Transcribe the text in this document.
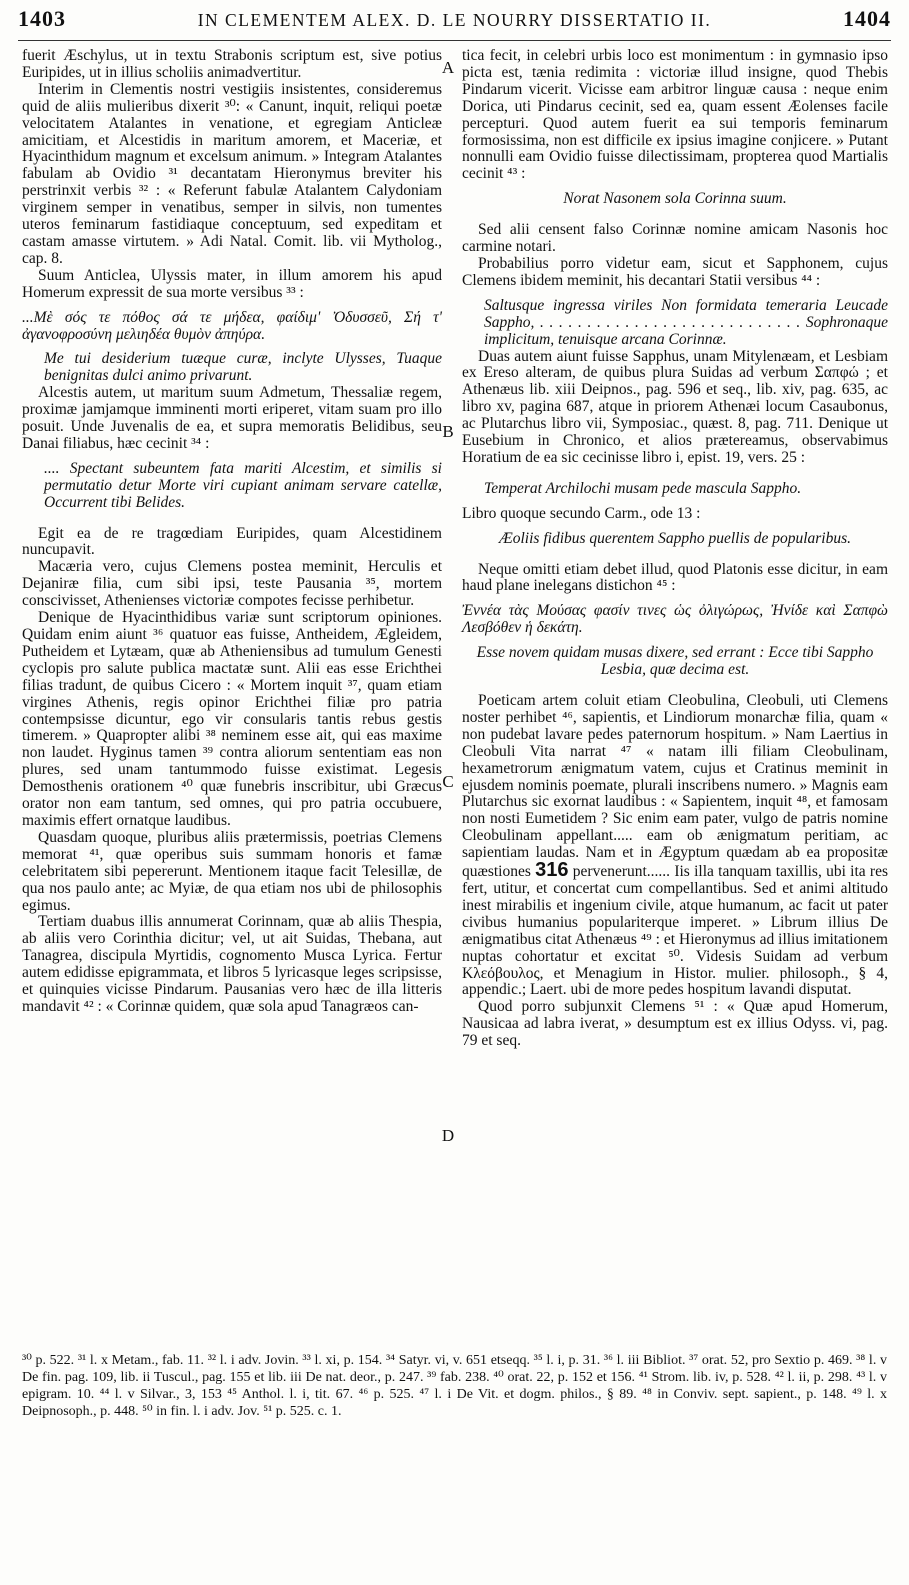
1403	IN CLEMENTEM ALEX. D. LE NOURRY DISSERTATIO II.	1404
A
B
C
D

fuerit Æschylus, ut in textu Strabonis scriptum est, sive potius Euripides, ut in illius scholiis animadvertitur.

Interim in Clementis nostri vestigiis insistentes, consideremus quid de aliis mulieribus dixerit ³⁰: « Canunt, inquit, reliqui poetæ velocitatem Atalantes in venatione, et egregiam Anticleæ amicitiam, et Alcestidis in maritum amorem, et Maceriæ, et Hyacinthidum magnum et excelsum animum. » Integram Atalantes fabulam ab Ovidio ³¹ decantatam Hieronymus breviter his perstrinxit verbis ³² : « Referunt fabulæ Atalantem Calydoniam virginem semper in venatibus, semper in silvis, non tumentes uteros feminarum fastidiaque conceptuum, sed expeditam et castam amasse virtutem. » Adi Natal. Comit. lib. vii Mytholog., cap. 8.

Suum Anticlea, Ulyssis mater, in illum amorem his apud Homerum expressit de sua morte versibus ³³ :

...Μὲ σός τε πόθος σά τε μήδεα, φαίδιμ' Ὀδυσσεῦ, Σή τ' ἀγανοφροσύνη μελιηδέα θυμὸν ἀπηύρα.

Me tui desiderium tuæque curæ, inclyte Ulysses, Tuaque benignitas dulci animo privarunt.

Alcestis autem, ut maritum suum Admetum, Thessaliæ regem, proximæ jamjamque imminenti morti eriperet, vitam suam pro illo posuit. Unde Juvenalis de ea, et supra memoratis Belidibus, seu Danai filiabus, hæc cecinit ³⁴ :

.... Spectant subeuntem fata mariti Alcestim, et similis si permutatio detur Morte viri cupiant animam servare catellæ, Occurrent tibi Belides.

Egit ea de re tragœdiam Euripides, quam Alcestidinem nuncupavit.

Macæria vero, cujus Clemens postea meminit, Herculis et Dejaniræ filia, cum sibi ipsi, teste Pausania ³⁵, mortem conscivisset, Athenienses victoriæ compotes fecisse perhibetur.

Denique de Hyacinthidibus variæ sunt scriptorum opiniones. Quidam enim aiunt ³⁶ quatuor eas fuisse, Antheidem, Ægleidem, Putheidem et Lytæam, quæ ab Atheniensibus ad tumulum Genesti cyclopis pro salute publica mactatæ sunt. Alii eas esse Erichthei filias tradunt, de quibus Cicero : « Mortem inquit ³⁷, quam etiam virgines Athenis, regis opinor Erichthei filiæ pro patria contempsisse dicuntur, ego vir consularis tantis rebus gestis timerem. » Quapropter alibi ³⁸ neminem esse ait, qui eas maxime non laudet. Hyginus tamen ³⁹ contra aliorum sententiam eas non plures, sed unam tantummodo fuisse existimat. Legesis Demosthenis orationem ⁴⁰ quæ funebris inscribitur, ubi Græcus orator non eam tantum, sed omnes, qui pro patria occubuere, maximis effert ornatque laudibus.

Quasdam quoque, pluribus aliis prætermissis, poetrias Clemens memorat ⁴¹, quæ operibus suis summam honoris et famæ celebritatem sibi pepererunt. Mentionem itaque facit Telesillæ, de qua nos paulo ante; ac Myiæ, de qua etiam nos ubi de philosophis egimus.

Tertiam duabus illis annumerat Corinnam, quæ ab aliis Thespia, ab aliis vero Corinthia dicitur; vel, ut ait Suidas, Thebana, aut Tanagrea, discipula Myrtidis, cognomento Musca Lyrica. Fertur autem edidisse epigrammata, et libros 5 lyricasque leges scripsisse, et quinquies vicisse Pindarum. Pausanias vero hæc de illa litteris mandavit ⁴² : « Corinnæ quidem, quæ sola apud Tanagræos can-

tica fecit, in celebri urbis loco est monimentum : in gymnasio ipso picta est, tænia redimita : victoriæ illud insigne, quod Thebis Pindarum vicerit. Vicisse eam arbitror linguæ causa : neque enim Dorica, uti Pindarus cecinit, sed ea, quam essent Æolenses facile percepturi. Quod autem fuerit ea sui temporis feminarum formosissima, non est difficile ex ipsius imagine conjicere. » Putant nonnulli eam Ovidio fuisse dilectissimam, propterea quod Martialis cecinit ⁴³ :

Norat Nasonem sola Corinna suum.

Sed alii censent falso Corinnæ nomine amicam Nasonis hoc carmine notari.

Probabilius porro videtur eam, sicut et Sapphonem, cujus Clemens ibidem meminit, his decantari Statii versibus ⁴⁴ :

Saltusque ingressa viriles Non formidata temeraria Leucade Sappho, . . . . . . . . . . . . . . . . . . . . . . . . . . . . Sophronaque implicitum, tenuisque arcana Corinnæ.

Duas autem aiunt fuisse Sapphus, unam Mitylenæam, et Lesbiam ex Ereso alteram, de quibus plura Suidas ad verbum Σαπφώ ; et Athenæus lib. xiii Deipnos., pag. 596 et seq., lib. xiv, pag. 635, ac libro xv, pagina 687, atque in priorem Athenæi locum Casaubonus, ac Plutarchus libro vii, Symposiac., quæst. 8, pag. 711. Denique ut Eusebium in Chronico, et alios prætereamus, observabimus Horatium de ea sic cecinisse libro i, epist. 19, vers. 25 :

Temperat Archilochi musam pede mascula Sappho.

Libro quoque secundo Carm., ode 13 :

Æoliis fidibus querentem Sappho puellis de popularibus.

Neque omitti etiam debet illud, quod Platonis esse dicitur, in eam haud plane inelegans distichon ⁴⁵ :

Ἐννέα τὰς Μούσας φασίν τινες ὡς ὀλιγώρως, Ἠνίδε καὶ Σαπφὼ Λεσβόθεν ἡ δεκάτη.

Esse novem quidam musas dixere, sed errant : Ecce tibi Sappho Lesbia, quæ decima est.

Poeticam artem coluit etiam Cleobulina, Cleobuli, uti Clemens noster perhibet ⁴⁶, sapientis, et Lindiorum monarchæ filia, quam « non pudebat lavare pedes paternorum hospitum. » Nam Laertius in Cleobuli Vita narrat ⁴⁷ « natam illi filiam Cleobulinam, hexametrorum ænigmatum vatem, cujus et Cratinus meminit in ejusdem nominis poemate, plurali inscribens numero. » Magnis eam Plutarchus sic exornat laudibus : « Sapientem, inquit ⁴⁸, et famosam non nosti Eumetidem ? Sic enim eam pater, vulgo de patris nomine Cleobulinam appellant..... eam ob ænigmatum peritiam, ac sapientiam laudas. Nam et in Ægyptum quædam ab ea propositæ quæstiones 316 pervenerunt...... Iis illa tanquam taxillis, ubi ita res fert, utitur, et concertat cum compellantibus. Sed et animi altitudo inest mirabilis et ingenium civile, atque humanum, ac facit ut pater civibus humanius populariterque imperet. » Librum illius De ænigmatibus citat Athenæus ⁴⁹ : et Hieronymus ad illius imitationem nuptas cohortatur et excitat ⁵⁰. Videsis Suidam ad verbum Κλεόβουλος, et Menagium in Histor. mulier. philosoph., § 4, appendic.; Laert. ubi de more pedes hospitum lavandi disputat.

Quod porro subjunxit Clemens ⁵¹ : « Quæ apud Homerum, Nausicaa ad labra iverat, » desumptum est ex illius Odyss. vi, pag. 79 et seq.

³⁰ p. 522. ³¹ l. x Metam., fab. 11. ³² l. i adv. Jovin. ³³ l. xi, p. 154. ³⁴ Satyr. vi, v. 651 etseqq. ³⁵ l. i, p. 31. ³⁶ l. iii Bibliot. ³⁷ orat. 52, pro Sextio p. 469. ³⁸ l. v De fin. pag. 109, lib. ii Tuscul., pag. 155 et lib. iii De nat. deor., p. 247. ³⁹ fab. 238. ⁴⁰ orat. 22, p. 152 et 156. ⁴¹ Strom. lib. iv, p. 528. ⁴² l. ii, p. 298. ⁴³ l. v epigram. 10. ⁴⁴ l. v Silvar., 3, 153 ⁴⁵ Anthol. l. i, tit. 67. ⁴⁶ p. 525. ⁴⁷ l. i De Vit. et dogm. philos., § 89. ⁴⁸ in Conviv. sept. sapient., p. 148. ⁴⁹ l. x Deipnosoph., p. 448. ⁵⁰ in fin. l. i adv. Jov. ⁵¹ p. 525. c. 1.
